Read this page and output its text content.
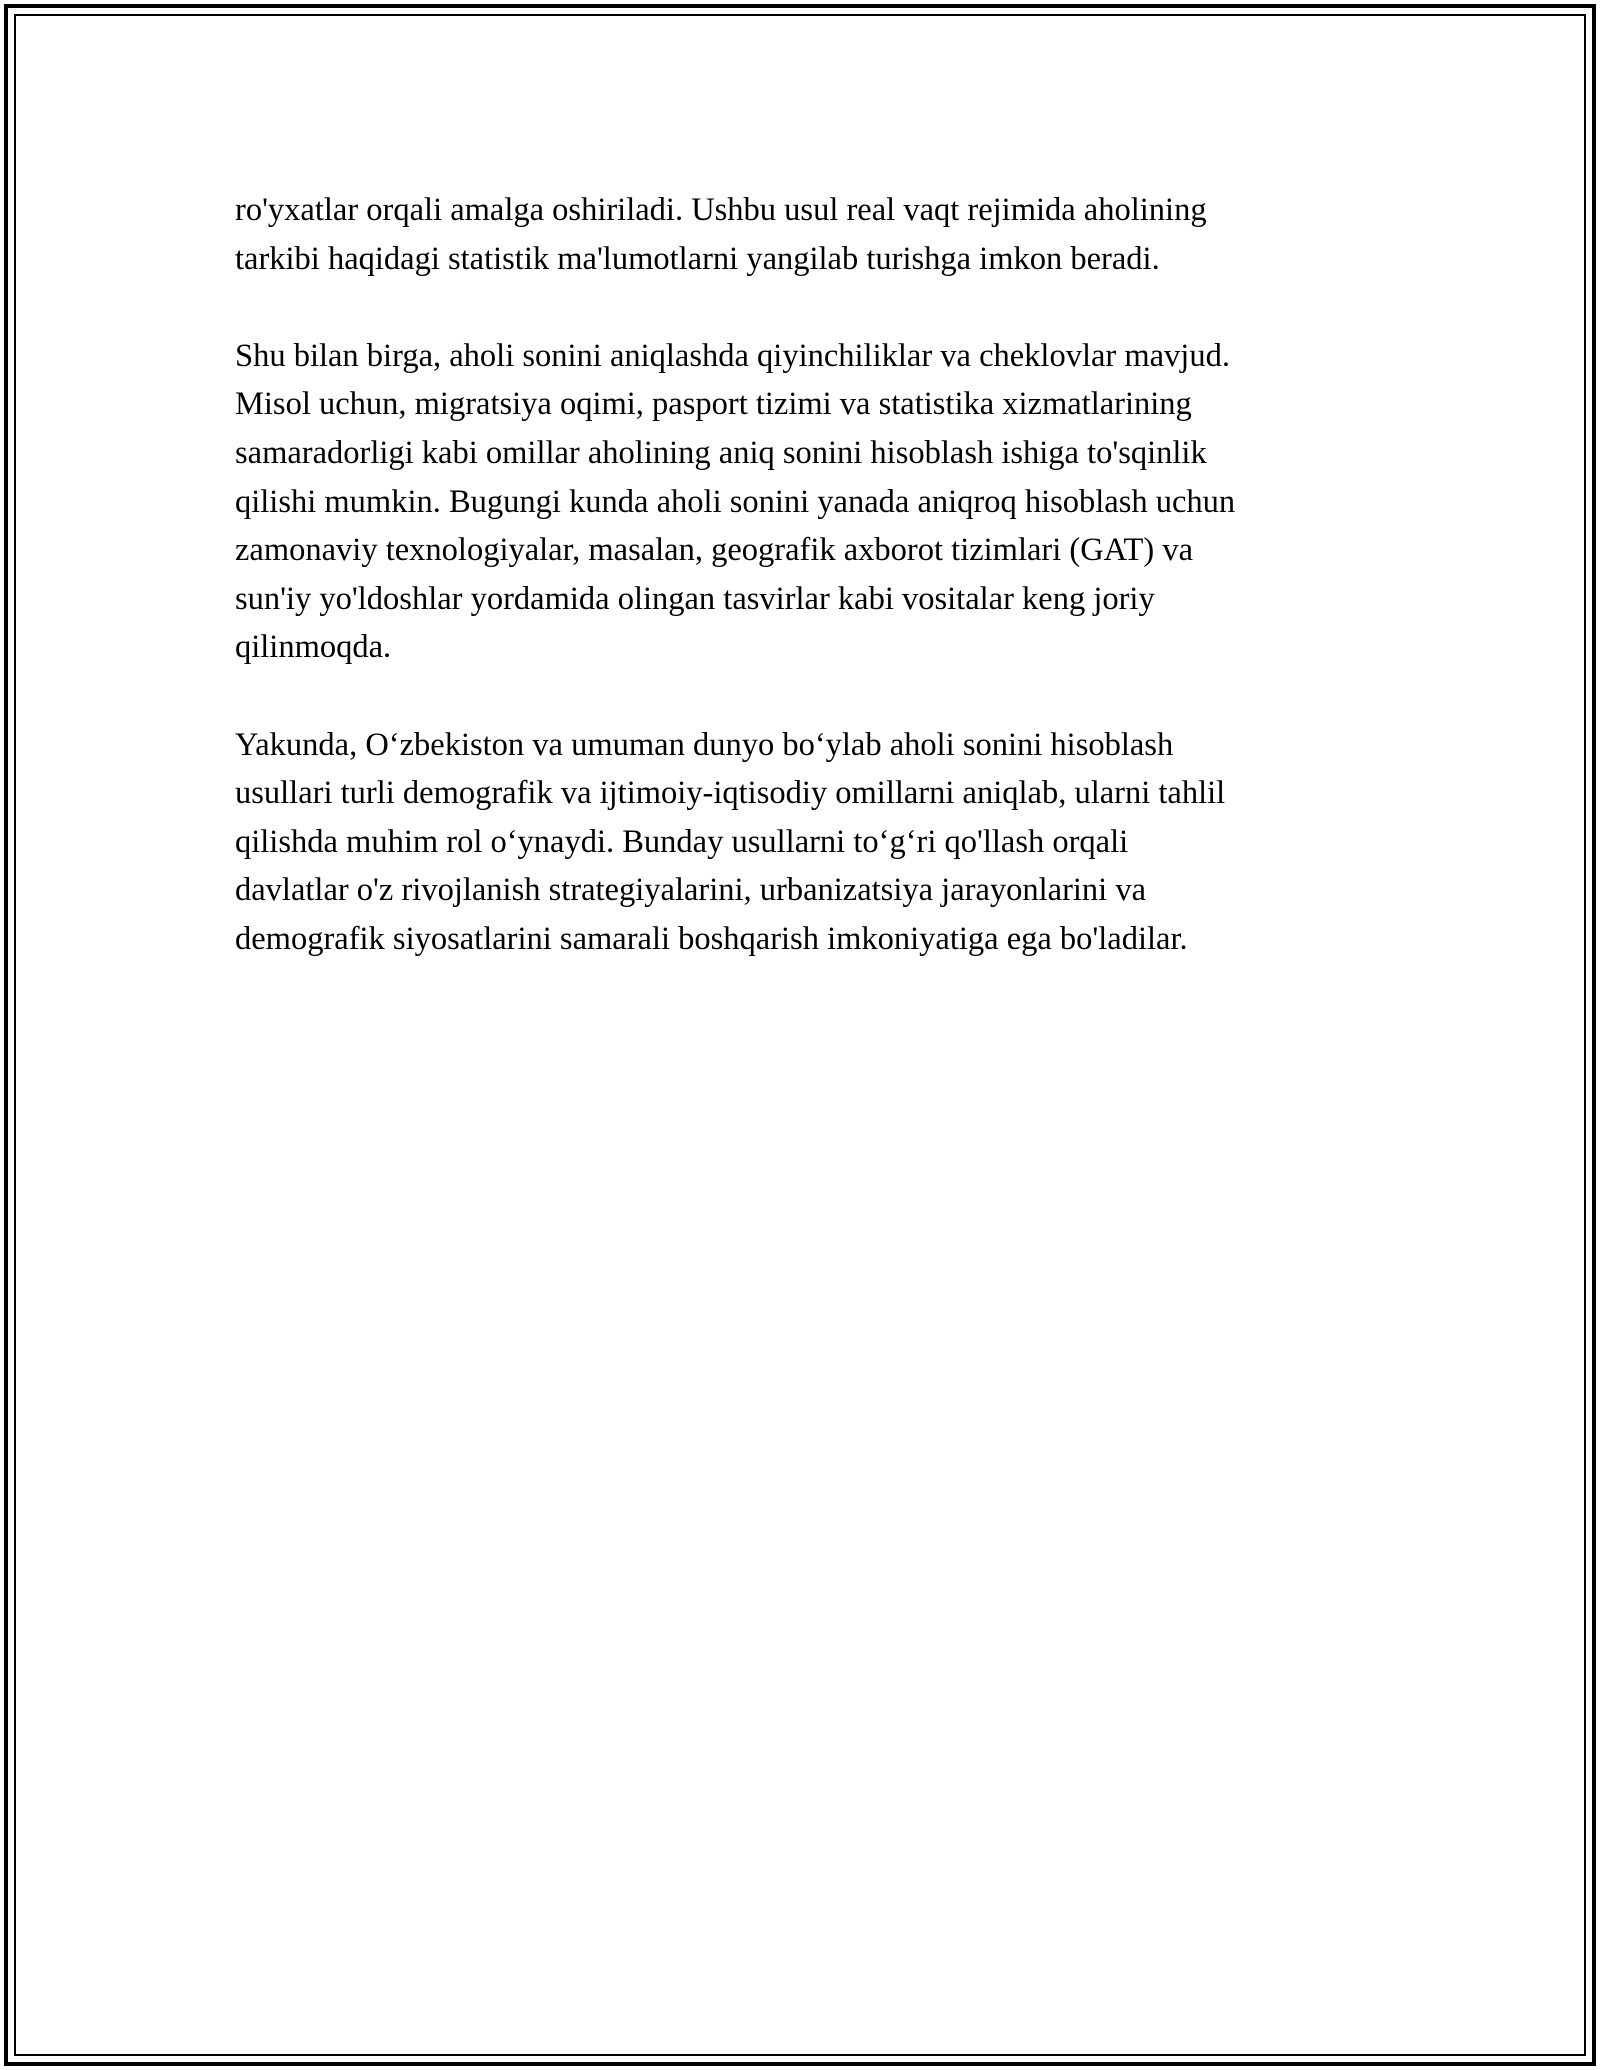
ro'yxatlar orqali amalga oshiriladi. Ushbu usul real vaqt rejimida aholining
tarkibi haqidagi statistik ma'lumotlarni yangilab turishga imkon beradi.

Shu bilan birga, aholi sonini aniqlashda qiyinchiliklar va cheklovlar mavjud.
Misol uchun, migratsiya oqimi, pasport tizimi va statistika xizmatlarining
samaradorligi kabi omillar aholining aniq sonini hisoblash ishiga to'sqinlik
qilishi mumkin. Bugungi kunda aholi sonini yanada aniqroq hisoblash uchun
zamonaviy texnologiyalar, masalan, geografik axborot tizimlari (GAT) va
sun'iy yo'ldoshlar yordamida olingan tasvirlar kabi vositalar keng joriy
qilinmoqda.

Yakunda, O‘zbekiston va umuman dunyo bo‘ylab aholi sonini hisoblash
usullari turli demografik va ijtimoiy-iqtisodiy omillarni aniqlab, ularni tahlil
qilishda muhim rol o‘ynaydi. Bunday usullarni to‘g‘ri qo'llash orqali
davlatlar o'z rivojlanish strategiyalarini, urbanizatsiya jarayonlarini va
demografik siyosatlarini samarali boshqarish imkoniyatiga ega bo'ladilar.
